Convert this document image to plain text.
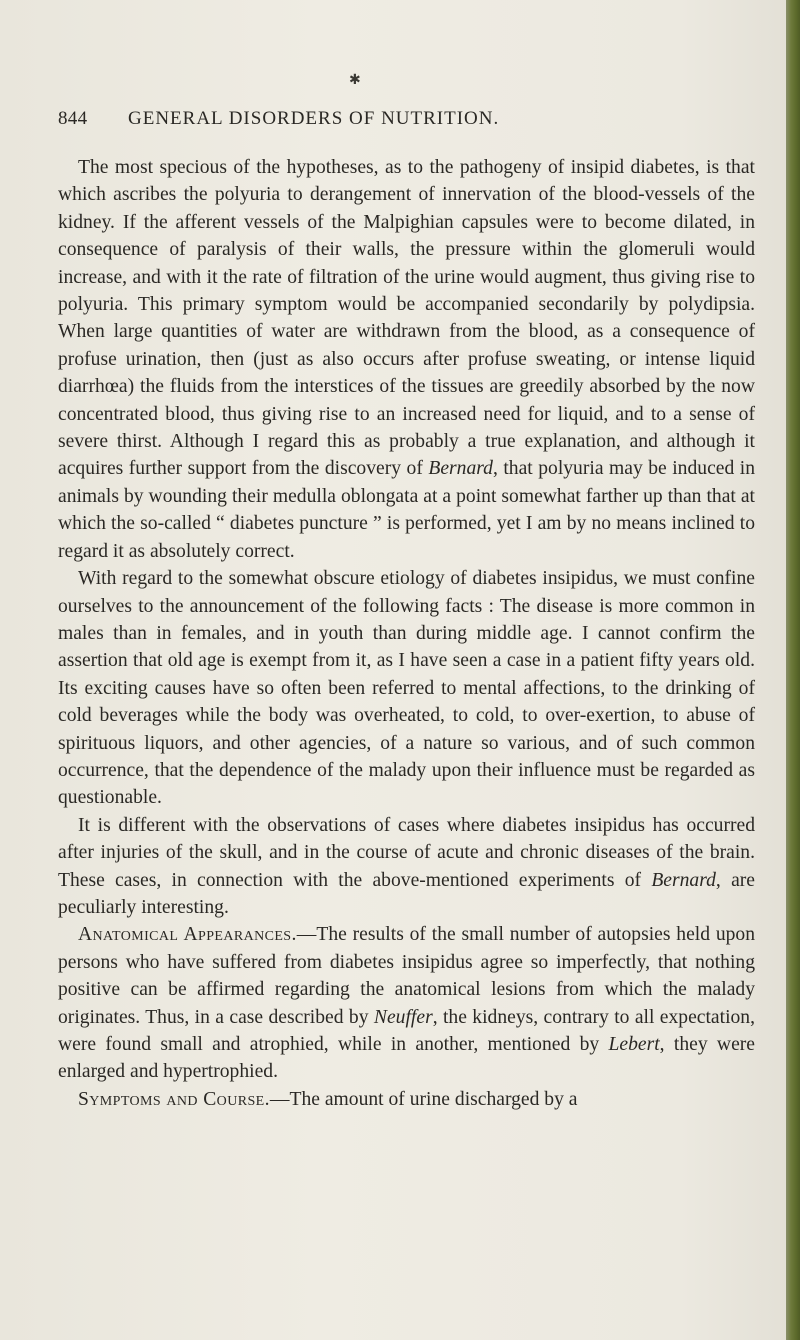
✱
844 GENERAL DISORDERS OF NUTRITION.

The most specious of the hypotheses, as to the pathogeny of insipid diabetes, is that which ascribes the polyuria to derangement of innervation of the blood-vessels of the kidney. If the afferent vessels of the Malpighian capsules were to become dilated, in consequence of paralysis of their walls, the pressure within the glomeruli would increase, and with it the rate of filtration of the urine would augment, thus giving rise to polyuria. This primary symptom would be accompanied secondarily by polydipsia. When large quantities of water are withdrawn from the blood, as a consequence of profuse urination, then (just as also occurs after profuse sweating, or intense liquid diarrhœa) the fluids from the interstices of the tissues are greedily absorbed by the now concentrated blood, thus giving rise to an increased need for liquid, and to a sense of severe thirst. Although I regard this as probably a true explanation, and although it acquires further support from the discovery of Bernard, that polyuria may be induced in animals by wounding their medulla oblongata at a point somewhat farther up than that at which the so-called “ diabetes puncture ” is performed, yet I am by no means inclined to regard it as absolutely correct.

With regard to the somewhat obscure etiology of diabetes insipidus, we must confine ourselves to the announcement of the following facts : The disease is more common in males than in females, and in youth than during middle age. I cannot confirm the assertion that old age is exempt from it, as I have seen a case in a patient fifty years old. Its exciting causes have so often been referred to mental affections, to the drinking of cold beverages while the body was overheated, to cold, to over-exertion, to abuse of spirituous liquors, and other agencies, of a nature so various, and of such common occurrence, that the dependence of the malady upon their influence must be regarded as questionable.

It is different with the observations of cases where diabetes insipidus has occurred after injuries of the skull, and in the course of acute and chronic diseases of the brain. These cases, in connection with the above-mentioned experiments of Bernard, are peculiarly interesting.

Anatomical Appearances.—The results of the small number of autopsies held upon persons who have suffered from diabetes insipidus agree so imperfectly, that nothing positive can be affirmed regarding the anatomical lesions from which the malady originates. Thus, in a case described by Neuffer, the kidneys, contrary to all expectation, were found small and atrophied, while in another, mentioned by Lebert, they were enlarged and hypertrophied.

Symptoms and Course.—The amount of urine discharged by a
